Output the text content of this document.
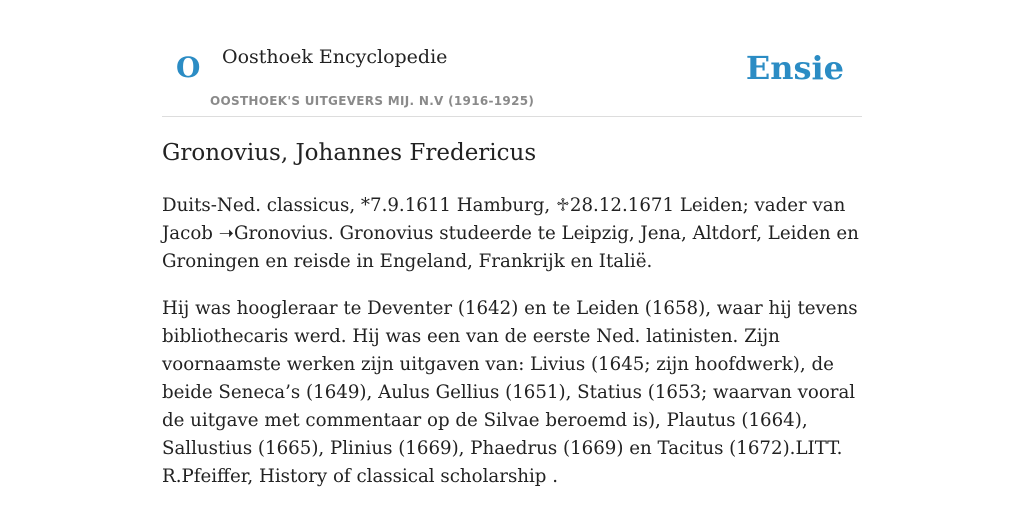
O Oosthoek Encyclopedie
OOSTHOEK'S UITGEVERS MIJ. N.V (1916-1925)
Ensie
Gronovius, Johannes Fredericus

Duits-Ned. classicus, *7.9.1611 Hamburg, ♱28.12.1671 Leiden; vader van Jacob ➝Gronovius. Gronovius studeerde te Leipzig, Jena, Altdorf, Leiden en Groningen en reisde in Engeland, Frankrijk en Italië.

Hij was hoogleraar te Deventer (1642) en te Leiden (1658), waar hij tevens bibliothecaris werd. Hij was een van de eerste Ned. latinisten. Zijn voornaamste werken zijn uitgaven van: Livius (1645; zijn hoofdwerk), de beide Seneca’s (1649), Aulus Gellius (1651), Statius (1653; waarvan vooral de uitgave met commentaar op de Silvae beroemd is), Plautus (1664), Sallustius (1665), Plinius (1669), Phaedrus (1669) en Tacitus (1672).LITT. R.Pfeiffer, History of classical scholarship .
